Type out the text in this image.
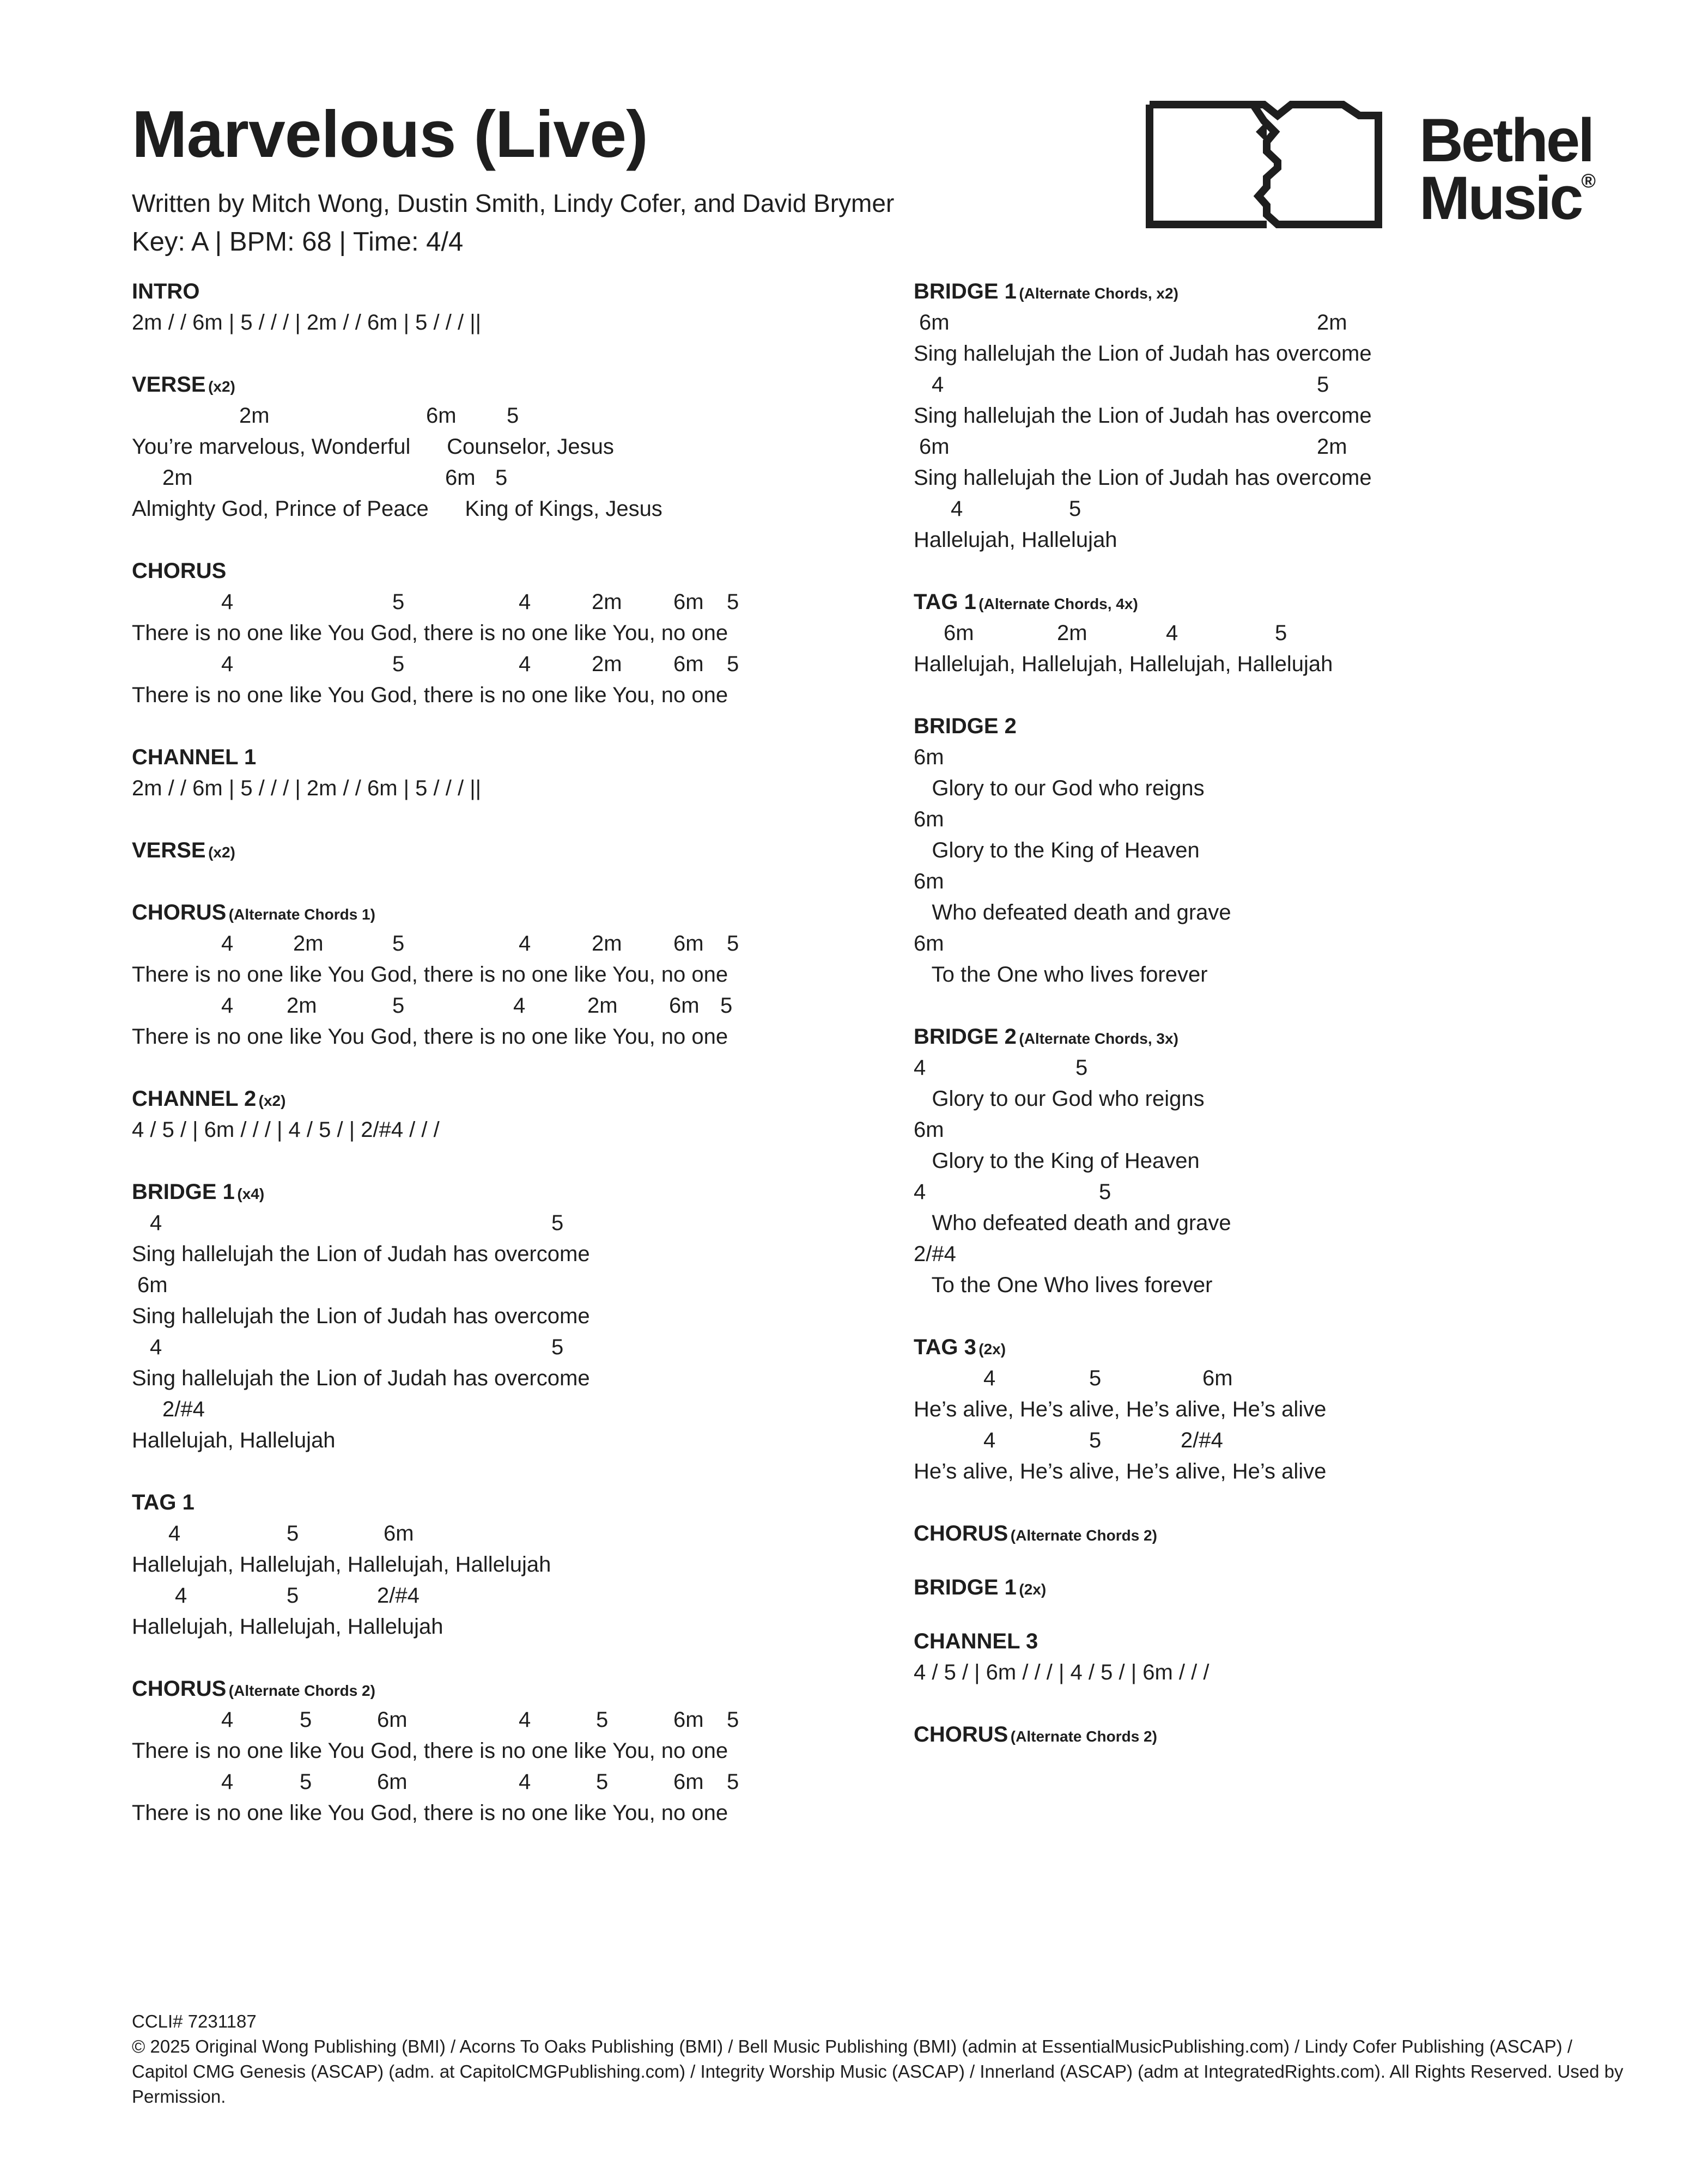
Marvelous (Live)
Written by Mitch Wong, Dustin Smith, Lindy Cofer, and David Brymer
Key: A | BPM: 68 | Time: 4/4
Bethel
Music®
INTRO
2m / / 6m | 5 / / / | 2m / / 6m | 5 / / / ||
VERSE (x2)
2m	6m 5
You’re marvelous, Wonderful      Counselor, Jesus
2m	6m 5
Almighty God, Prince of Peace      King of Kings, Jesus
CHORUS
4	5	4	2m 6m 5
There is no one like You God, there is no one like You, no one
4	5	4	2m 6m 5
There is no one like You God, there is no one like You, no one
CHANNEL 1
2m / / 6m | 5 / / / | 2m / / 6m | 5 / / / ||
VERSE (x2)
CHORUS (Alternate Chords 1)
4	2m	5	4	2m 6m 5
There is no one like You God, there is no one like You, no one
4 2m	5	4	2m 6m 5
There is no one like You God, there is no one like You, no one
CHANNEL 2 (x2)
4 / 5 / | 6m / / / | 4 / 5 / | 2/#4 / / /
BRIDGE 1 (x4)
4	5
Sing hallelujah the Lion of Judah has overcome
6m
Sing hallelujah the Lion of Judah has overcome
4	5
Sing hallelujah the Lion of Judah has overcome
2/#4
Hallelujah, Hallelujah
TAG 1
4	5	6m
Hallelujah, Hallelujah, Hallelujah, Hallelujah
4	5	2/#4
Hallelujah, Hallelujah, Hallelujah
CHORUS (Alternate Chords 2)
4	5	6m	4	5	6m 5
There is no one like You God, there is no one like You, no one
4	5	6m	4	5	6m 5
There is no one like You God, there is no one like You, no one
BRIDGE 1 (Alternate Chords, x2)
6m	2m
Sing hallelujah the Lion of Judah has overcome
4	5
Sing hallelujah the Lion of Judah has overcome
6m	2m
Sing hallelujah the Lion of Judah has overcome
4	5
Hallelujah, Hallelujah
TAG 1 (Alternate Chords, 4x)
6m	2m	4	5
Hallelujah, Hallelujah, Hallelujah, Hallelujah
BRIDGE 2
6m
Glory to our God who reigns
6m
Glory to the King of Heaven
6m
Who defeated death and grave
6m
To the One who lives forever
BRIDGE 2 (Alternate Chords, 3x)
4	5
Glory to our God who reigns
6m
Glory to the King of Heaven
4	5
Who defeated death and grave
2/#4
To the One Who lives forever
TAG 3 (2x)
4	5	6m
He’s alive, He’s alive, He’s alive, He’s alive
4	5	2/#4
He’s alive, He’s alive, He’s alive, He’s alive
CHORUS (Alternate Chords 2)
BRIDGE 1 (2x)
CHANNEL 3
4 / 5 / | 6m / / / | 4 / 5 / | 6m / / /
CHORUS (Alternate Chords 2)
CCLI# 7231187
© 2025 Original Wong Publishing (BMI) / Acorns To Oaks Publishing (BMI) / Bell Music Publishing (BMI) (admin at EssentialMusicPublishing.com) / Lindy Cofer Publishing (ASCAP) / Capitol CMG Genesis (ASCAP) (adm. at CapitolCMGPublishing.com) / Integrity Worship Music (ASCAP) / Innerland (ASCAP) (adm at IntegratedRights.com). All Rights Reserved. Used by Permission.
